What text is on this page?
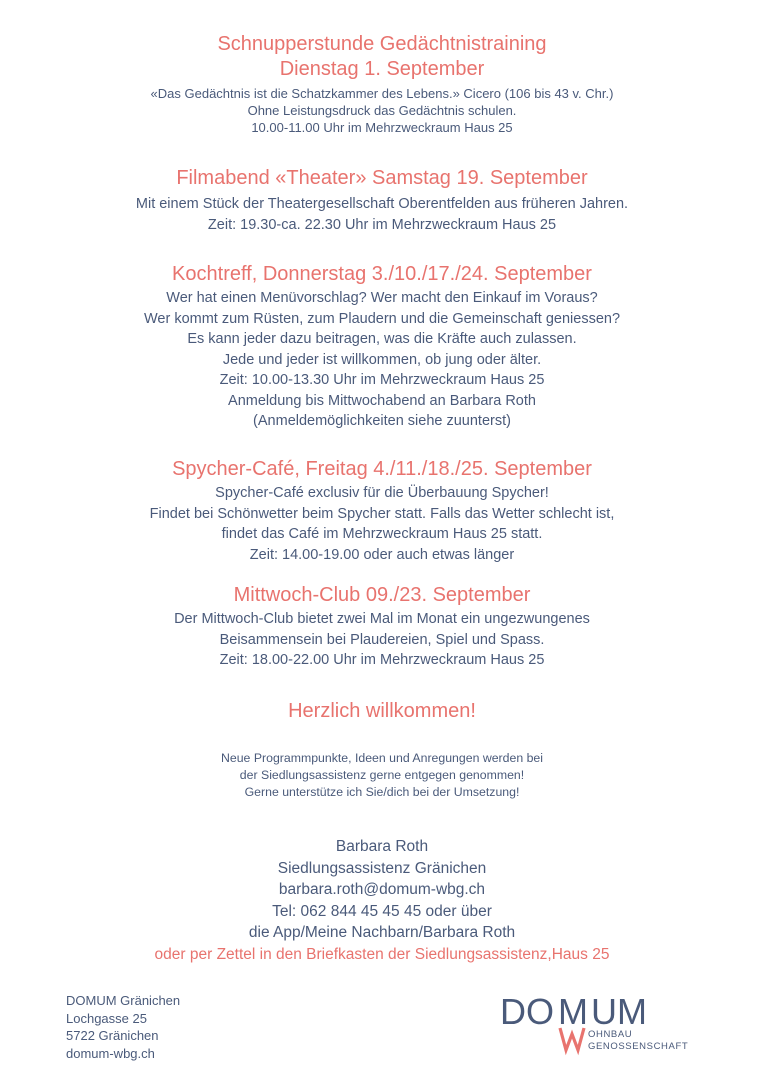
Schnupperstunde Gedächtnistraining

Dienstag 1. September

«Das Gedächtnis ist die Schatzkammer des Lebens.» Cicero (106 bis 43 v. Chr.)

Ohne Leistungsdruck das Gedächtnis schulen.

10.00-11.00 Uhr im Mehrzweckraum Haus 25

Filmabend «Theater» Samstag 19. September

Mit einem Stück der Theatergesellschaft Oberentfelden aus früheren Jahren.

Zeit: 19.30-ca. 22.30 Uhr im Mehrzweckraum Haus 25

Kochtreff, Donnerstag 3./10./17./24. September

Wer hat einen Menüvorschlag? Wer macht den Einkauf im Voraus?

Wer kommt zum Rüsten, zum Plaudern und die Gemeinschaft geniessen?

Es kann jeder dazu beitragen, was die Kräfte auch zulassen.

Jede und jeder ist willkommen, ob jung oder älter.

Zeit: 10.00-13.30 Uhr im Mehrzweckraum Haus 25

Anmeldung bis Mittwochabend an Barbara Roth

(Anmeldemöglichkeiten siehe zuunterst)

Spycher-Café, Freitag 4./11./18./25. September

Spycher-Café exclusiv für die Überbauung Spycher!

Findet bei Schönwetter beim Spycher statt. Falls das Wetter schlecht ist,

findet das Café im Mehrzweckraum Haus 25 statt.

Zeit: 14.00-19.00 oder auch etwas länger

Mittwoch-Club 09./23. September

Der Mittwoch-Club bietet zwei Mal im Monat ein ungezwungenes

Beisammensein bei Plaudereien, Spiel und Spass.

Zeit: 18.00-22.00 Uhr im Mehrzweckraum Haus 25

Herzlich willkommen!

Neue Programmpunkte, Ideen und Anregungen werden bei

der Siedlungsassistenz gerne entgegen genommen!

Gerne unterstütze ich Sie/dich bei der Umsetzung!

Barbara Roth

Siedlungsassistenz Gränichen

barbara.roth@domum-wbg.ch

Tel: 062 844 45 45 45 oder über

die App/Meine Nachbarn/Barbara Roth

oder per Zettel in den Briefkasten der Siedlungsassistenz,Haus 25

DOMUM Gränichen
Lochgasse 25
5722 Gränichen
domum-wbg.ch
DO M UM
OHNBAU
GENOSSENSCHAFT
